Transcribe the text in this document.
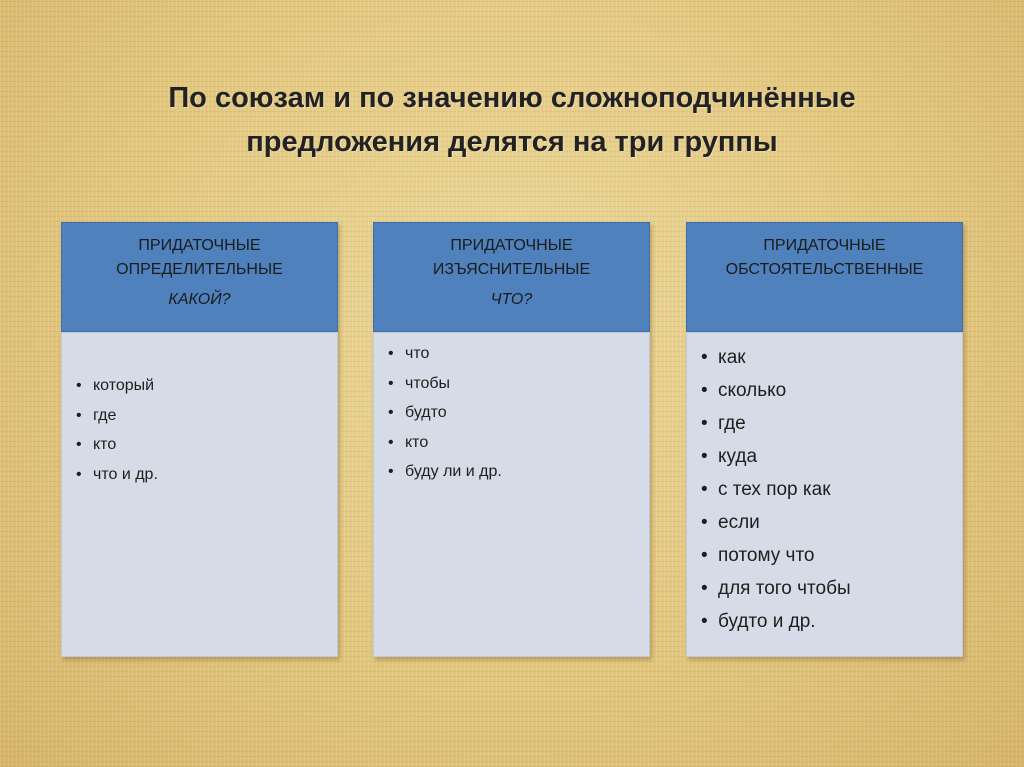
По союзам и по значению сложноподчинённые
предложения делятся на три группы
ПРИДАТОЧНЫЕ
ОПРЕДЕЛИТЕЛЬНЫЕ
КАКОЙ?
• который
• где
• кто
• что и др.
ПРИДАТОЧНЫЕ
ИЗЪЯСНИТЕЛЬНЫЕ
ЧТО?
• что
• чтобы
• будто
• кто
• буду ли и др.
ПРИДАТОЧНЫЕ
ОБСТОЯТЕЛЬСТВЕННЫЕ
• как
• сколько
• где
• куда
• с тех пор как
• если
• потому что
• для того чтобы
• будто и др.
